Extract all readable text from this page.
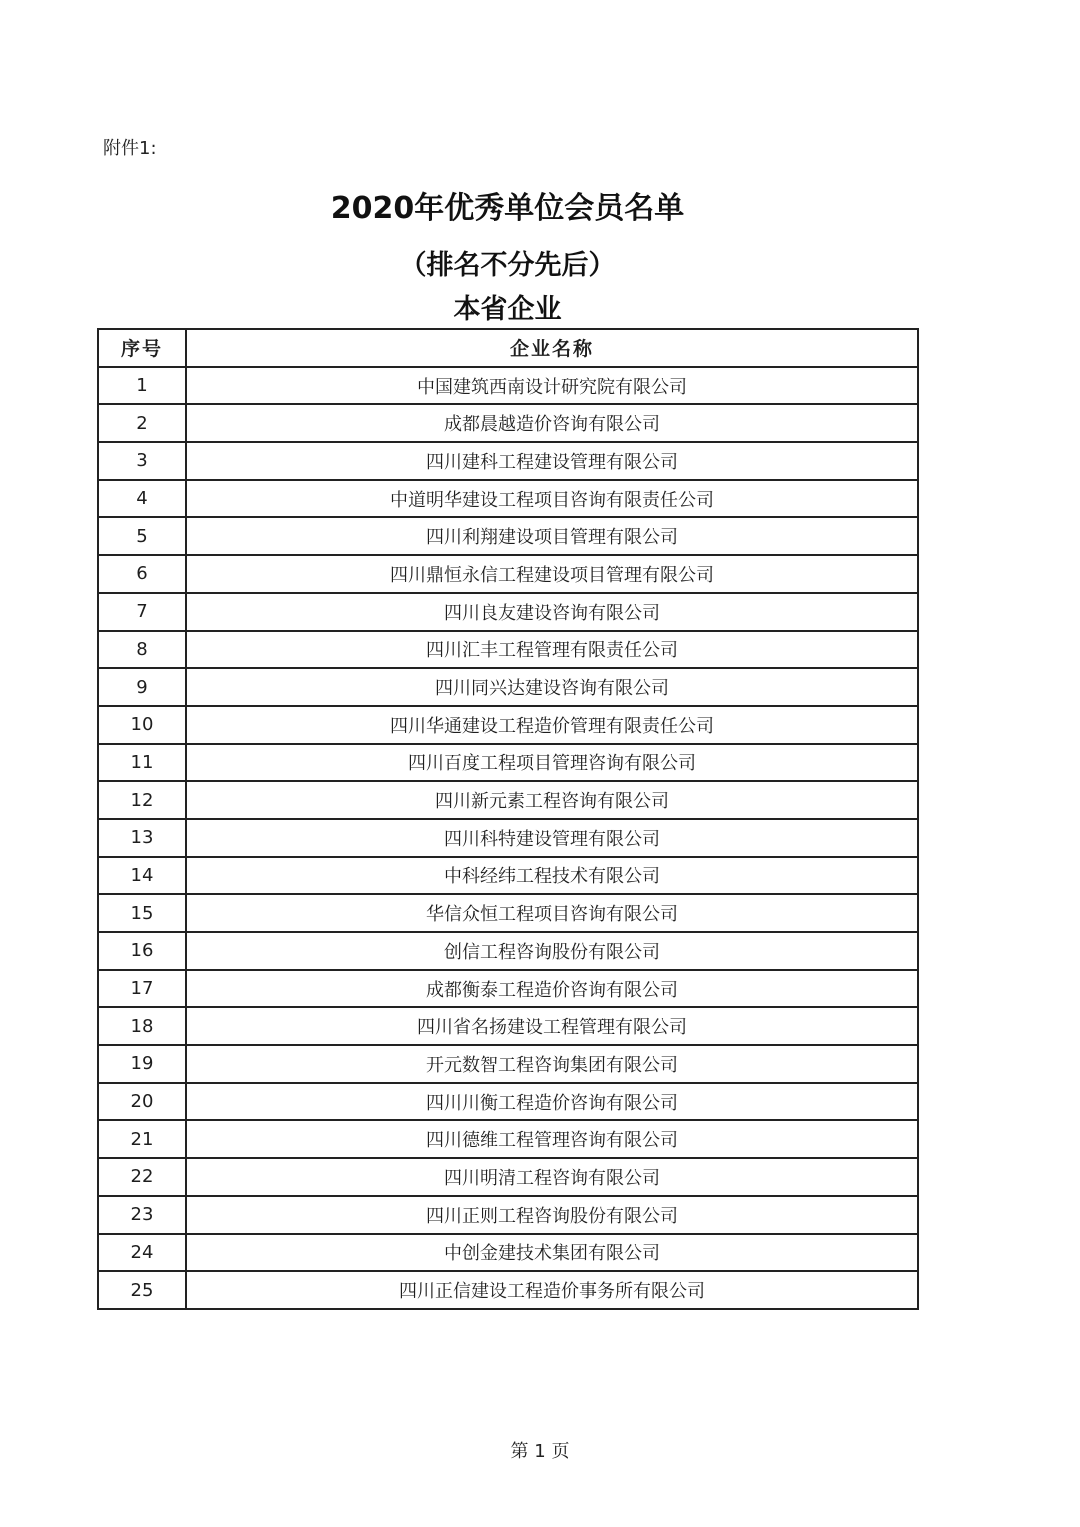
附件1:
2020年优秀单位会员名单
（排名不分先后）
本省企业
序号	企业名称
1	中国建筑西南设计研究院有限公司
2	成都晨越造价咨询有限公司
3	四川建科工程建设管理有限公司
4	中道明华建设工程项目咨询有限责任公司
5	四川利翔建设项目管理有限公司
6	四川鼎恒永信工程建设项目管理有限公司
7	四川良友建设咨询有限公司
8	四川汇丰工程管理有限责任公司
9	四川同兴达建设咨询有限公司
10	四川华通建设工程造价管理有限责任公司
11	四川百度工程项目管理咨询有限公司
12	四川新元素工程咨询有限公司
13	四川科特建设管理有限公司
14	中科经纬工程技术有限公司
15	华信众恒工程项目咨询有限公司
16	创信工程咨询股份有限公司
17	成都衡泰工程造价咨询有限公司
18	四川省名扬建设工程管理有限公司
19	开元数智工程咨询集团有限公司
20	四川川衡工程造价咨询有限公司
21	四川德维工程管理咨询有限公司
22	四川明清工程咨询有限公司
23	四川正则工程咨询股份有限公司
24	中创金建技术集团有限公司
25	四川正信建设工程造价事务所有限公司
第 1 页
